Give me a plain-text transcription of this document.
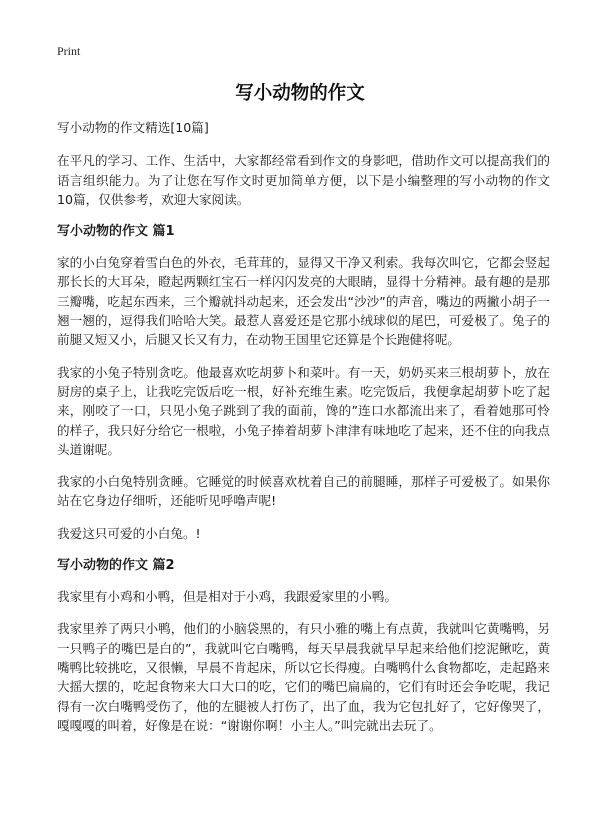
Print
写小动物的作文

写小动物的作文精选[10篇]

在平凡的学习、工作、生活中，大家都经常看到作文的身影吧，借助作文可以提高我们的语言组织能力。为了让您在写作文时更加简单方便，以下是小编整理的写小动物的作文10篇，仅供参考，欢迎大家阅读。

写小动物的作文 篇1

家的小白兔穿着雪白色的外衣，毛茸茸的，显得又干净又利索。我每次叫它，它都会竖起那长长的大耳朵，瞪起两颗红宝石一样闪闪发亮的大眼睛，显得十分精神。最有趣的是那三瓣嘴，吃起东西来，三个瓣就抖动起来，还会发出“沙沙”的声音，嘴边的两撇小胡子一翘一翘的，逗得我们哈哈大笑。最惹人喜爱还是它那小绒球似的尾巴，可爱极了。兔子的前腿又短又小，后腿又长又有力，在动物王国里它还算是个长跑健将呢。

我家的小兔子特别贪吃。他最喜欢吃胡萝卜和菜叶。有一天，奶奶买来三根胡萝卜，放在厨房的桌子上，让我吃完饭后吃一根，好补充维生素。吃完饭后，我便拿起胡萝卜吃了起来，刚咬了一口，只见小兔子跳到了我的面前，馋的”连口水都流出来了，看着她那可怜的样子，我只好分给它一根啦，小兔子捧着胡萝卜津津有味地吃了起来，还不住的向我点头道谢呢。

我家的小白兔特别贪睡。它睡觉的时候喜欢枕着自己的前腿睡，那样子可爱极了。如果你站在它身边仔细听，还能听见呼噜声呢!

我爱这只可爱的小白兔。!

写小动物的作文 篇2

我家里有小鸡和小鸭，但是相对于小鸡，我跟爱家里的小鸭。

我家里养了两只小鸭，他们的小脑袋黑的，有只小雅的嘴上有点黄，我就叫它黄嘴鸭，另一只鸭子的嘴巴是白的”，我就叫它白嘴鸭，每天早晨我就早早起来给他们挖泥鳅吃，黄嘴鸭比较挑吃，又很懒，早晨不肯起床，所以它长得瘦。白嘴鸭什么食物都吃，走起路来大摇大摆的，吃起食物来大口大口的吃，它们的嘴巴扁扁的，它们有时还会争吃呢，我记得有一次白嘴鸭受伤了，他的左腿被人打伤了，出了血，我为它包扎好了，它好像哭了，嘎嘎嘎的叫着，好像是在说：“谢谢你啊！小主人。”叫完就出去玩了。
